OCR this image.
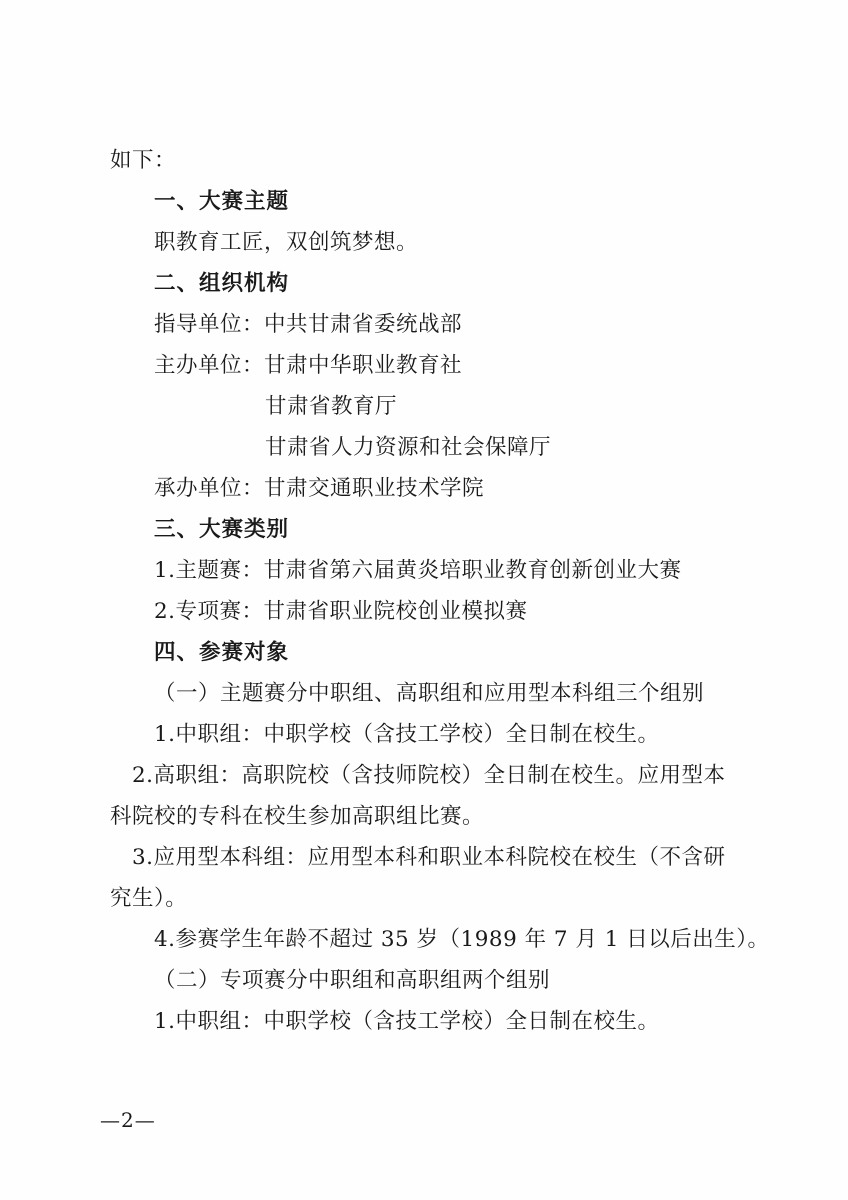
如下：
一、大赛主题
职教育工匠，双创筑梦想。
二、组织机构
指导单位：中共甘肃省委统战部
主办单位：甘肃中华职业教育社
甘肃省教育厅
甘肃省人力资源和社会保障厅
承办单位：甘肃交通职业技术学院
三、大赛类别
1.主题赛：甘肃省第六届黄炎培职业教育创新创业大赛
2.专项赛：甘肃省职业院校创业模拟赛
四、参赛对象
（一）主题赛分中职组、高职组和应用型本科组三个组别
1.中职组：中职学校（含技工学校）全日制在校生。
2.高职组：高职院校（含技师院校）全日制在校生。应用型本科院校的专科在校生参加高职组比赛。
3.应用型本科组：应用型本科和职业本科院校在校生（不含研究生）。
4.参赛学生年龄不超过 35 岁（1989 年 7 月 1 日以后出生）。
（二）专项赛分中职组和高职组两个组别
1.中职组：中职学校（含技工学校）全日制在校生。
—2—
